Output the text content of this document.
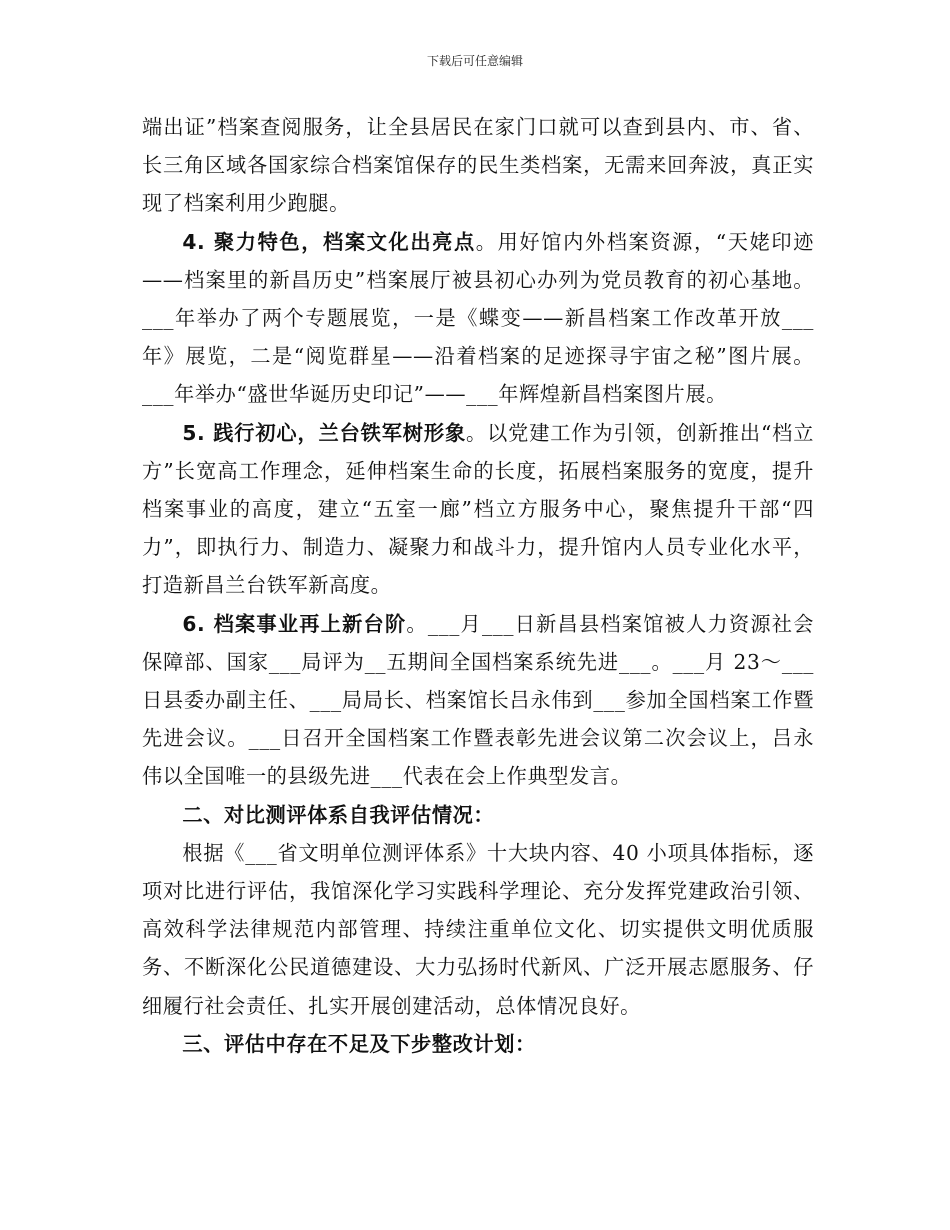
下载后可任意编辑

端出证”档案查阅服务，让全县居民在家门口就可以查到县内、市、省、长三角区域各国家综合档案馆保存的民生类档案，无需来回奔波，真正实现了档案利用少跑腿。

4. 聚力特色，档案文化出亮点。用好馆内外档案资源，“天姥印迹——档案里的新昌历史”档案展厅被县初心办列为党员教育的初心基地。___年举办了两个专题展览，一是《蝶变——新昌档案工作改革开放___年》展览，二是“阅览群星——沿着档案的足迹探寻宇宙之秘”图片展。___年举办“盛世华诞历史印记”——___年辉煌新昌档案图片展。

5. 践行初心，兰台铁军树形象。以党建工作为引领，创新推出“档立方”长宽高工作理念，延伸档案生命的长度，拓展档案服务的宽度，提升档案事业的高度，建立“五室一廊”档立方服务中心，聚焦提升干部“四力”，即执行力、制造力、凝聚力和战斗力，提升馆内人员专业化水平，打造新昌兰台铁军新高度。

6. 档案事业再上新台阶。___月___日新昌县档案馆被人力资源社会保障部、国家___局评为__五期间全国档案系统先进___。___月 23～___日县委办副主任、___局局长、档案馆长吕永伟到___参加全国档案工作暨先进会议。___日召开全国档案工作暨表彰先进会议第二次会议上，吕永伟以全国唯一的县级先进___代表在会上作典型发言。

二、对比测评体系自我评估情况：

根据《___省文明单位测评体系》十大块内容、40 小项具体指标，逐项对比进行评估，我馆深化学习实践科学理论、充分发挥党建政治引领、高效科学法律规范内部管理、持续注重单位文化、切实提供文明优质服务、不断深化公民道德建设、大力弘扬时代新风、广泛开展志愿服务、仔细履行社会责任、扎实开展创建活动，总体情况良好。

三、评估中存在不足及下步整改计划：
